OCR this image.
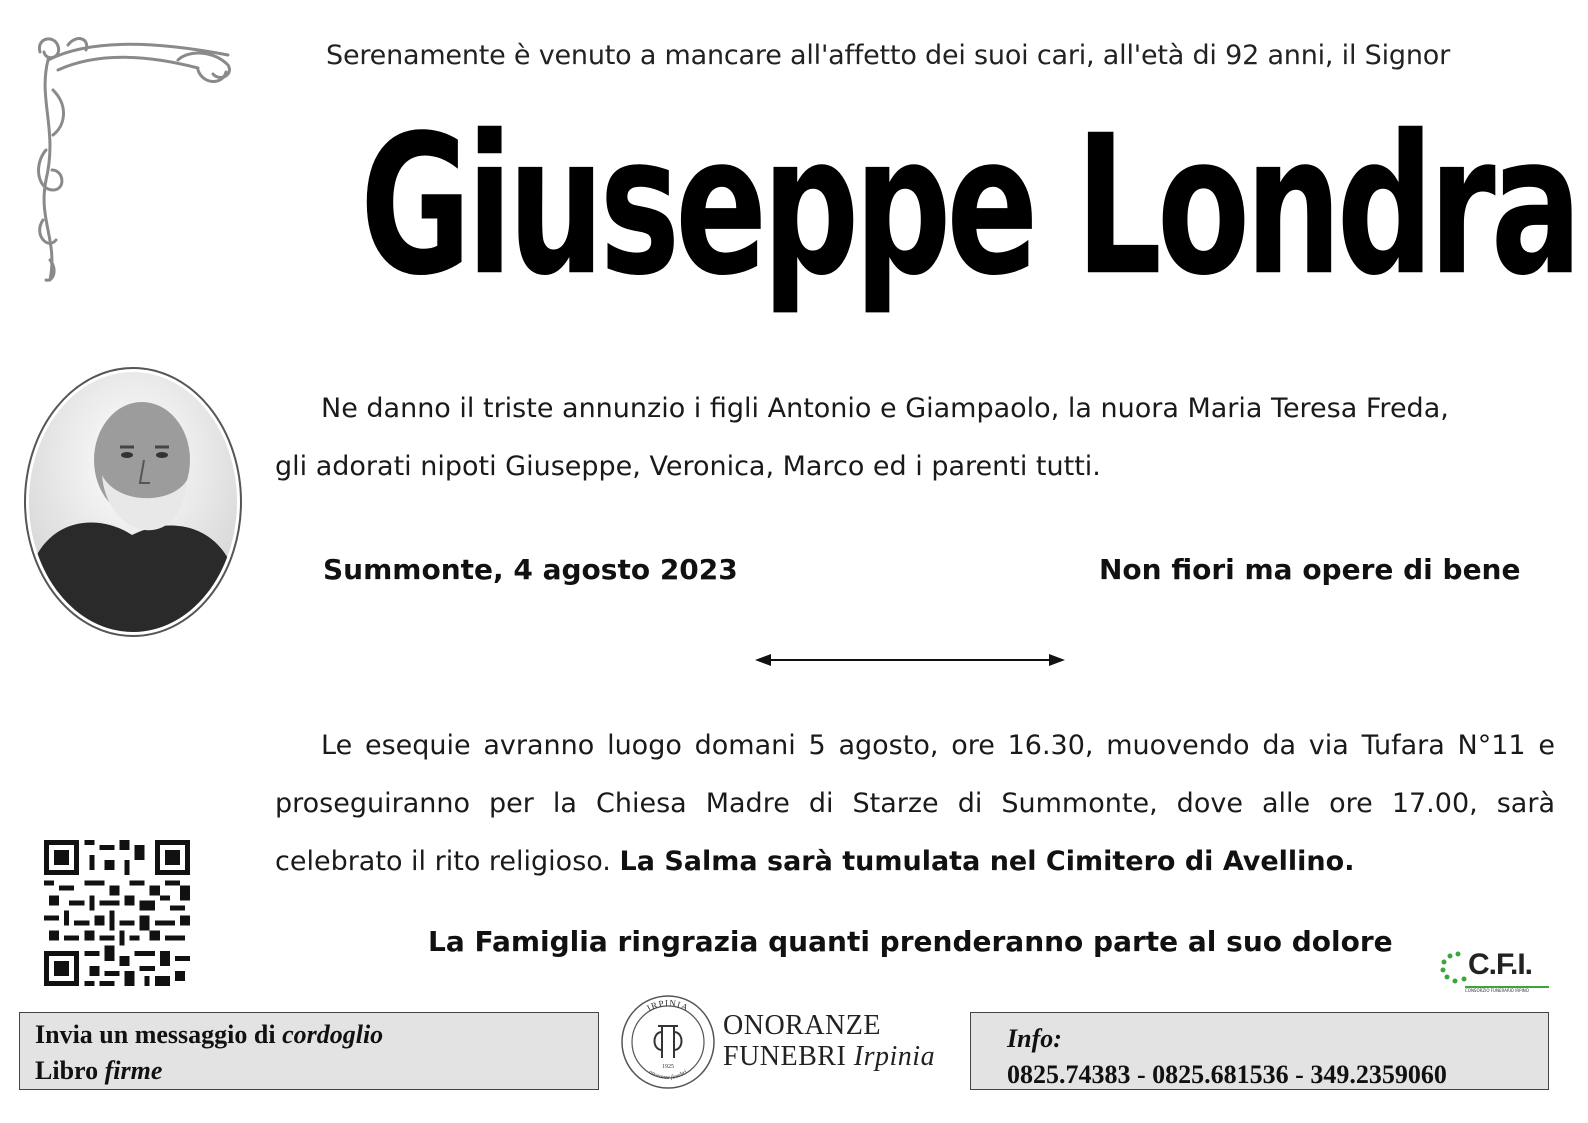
Serenamente è venuto a mancare all'affetto dei suoi cari, all'età di 92 anni, il Signor
Giuseppe Londra
Ne danno il triste annunzio i figli Antonio e Giampaolo, la nuora Maria Teresa Freda,
gli adorati nipoti Giuseppe, Veronica, Marco ed i parenti tutti.
Summonte, 4 agosto 2023	Non fiori ma opere di bene
Le esequie avranno luogo domani 5 agosto, ore 16.30, muovendo da via Tufara N°11 e proseguiranno per la Chiesa Madre di Starze di Summonte, dove alle ore 17.00, sarà celebrato il rito religioso. La Salma sarà tumulata nel Cimitero di Avellino.
La Famiglia ringrazia quanti prenderanno parte al suo dolore
C.F.I.
CONSORZIO FUNERARIO IRPINO
Invia un messaggio di cordoglio
Libro firme
IRPINIA
onoranze funebri
1925
ONORANZE
FUNEBRI Irpinia
Info:
0825.74383 - 0825.681536 - 349.2359060
